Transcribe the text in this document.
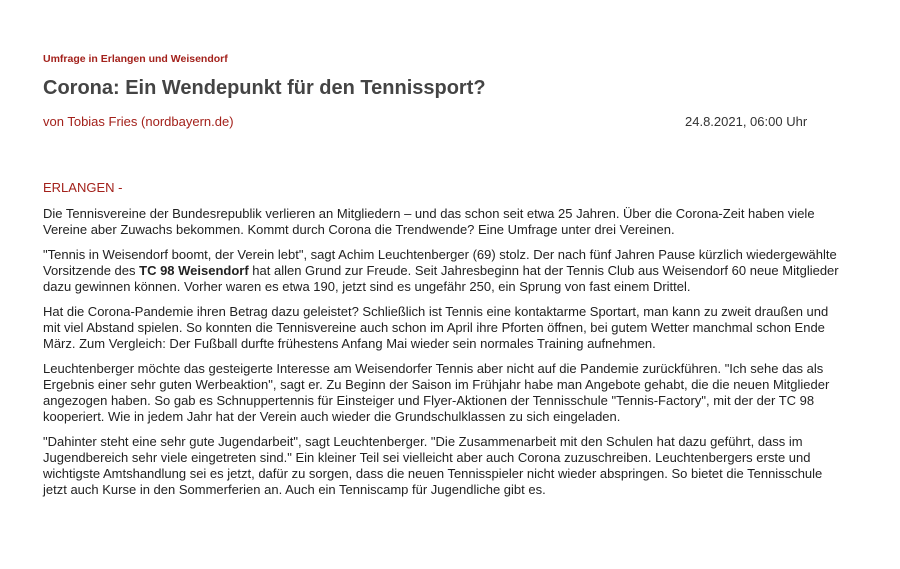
Umfrage in Erlangen und Weisendorf
Corona: Ein Wendepunkt für den Tennissport?
von Tobias Fries (nordbayern.de)	24.8.2021, 06:00 Uhr
ERLANGEN -

Die Tennisvereine der Bundesrepublik verlieren an Mitgliedern – und das schon seit etwa 25 Jahren. Über die Corona-Zeit haben viele Vereine aber Zuwachs bekommen. Kommt durch Corona die Trendwende? Eine Umfrage unter drei Vereinen.

"Tennis in Weisendorf boomt, der Verein lebt", sagt Achim Leuchtenberger (69) stolz. Der nach fünf Jahren Pause kürzlich wiedergewählte Vorsitzende des TC 98 Weisendorf hat allen Grund zur Freude. Seit Jahresbeginn hat der Tennis Club aus Weisendorf 60 neue Mitglieder dazu gewinnen können. Vorher waren es etwa 190, jetzt sind es ungefähr 250, ein Sprung von fast einem Drittel.

Hat die Corona-Pandemie ihren Betrag dazu geleistet? Schließlich ist Tennis eine kontaktarme Sportart, man kann zu zweit draußen und mit viel Abstand spielen. So konnten die Tennisvereine auch schon im April ihre Pforten öffnen, bei gutem Wetter manchmal schon Ende März. Zum Vergleich: Der Fußball durfte frühestens Anfang Mai wieder sein normales Training aufnehmen.

Leuchtenberger möchte das gesteigerte Interesse am Weisendorfer Tennis aber nicht auf die Pandemie zurückführen. "Ich sehe das als Ergebnis einer sehr guten Werbeaktion", sagt er. Zu Beginn der Saison im Frühjahr habe man Angebote gehabt, die die neuen Mitglieder angezogen haben. So gab es Schnuppertennis für Einsteiger und Flyer-Aktionen der Tennisschule "Tennis-Factory", mit der der TC 98 kooperiert. Wie in jedem Jahr hat der Verein auch wieder die Grundschulklassen zu sich eingeladen.

"Dahinter steht eine sehr gute Jugendarbeit", sagt Leuchtenberger. "Die Zusammenarbeit mit den Schulen hat dazu geführt, dass im Jugendbereich sehr viele eingetreten sind." Ein kleiner Teil sei vielleicht aber auch Corona zuzuschreiben. Leuchtenbergers erste und wichtigste Amtshandlung sei es jetzt, dafür zu sorgen, dass die neuen Tennisspieler nicht wieder abspringen. So bietet die Tennisschule jetzt auch Kurse in den Sommerferien an. Auch ein Tenniscamp für Jugendliche gibt es.
